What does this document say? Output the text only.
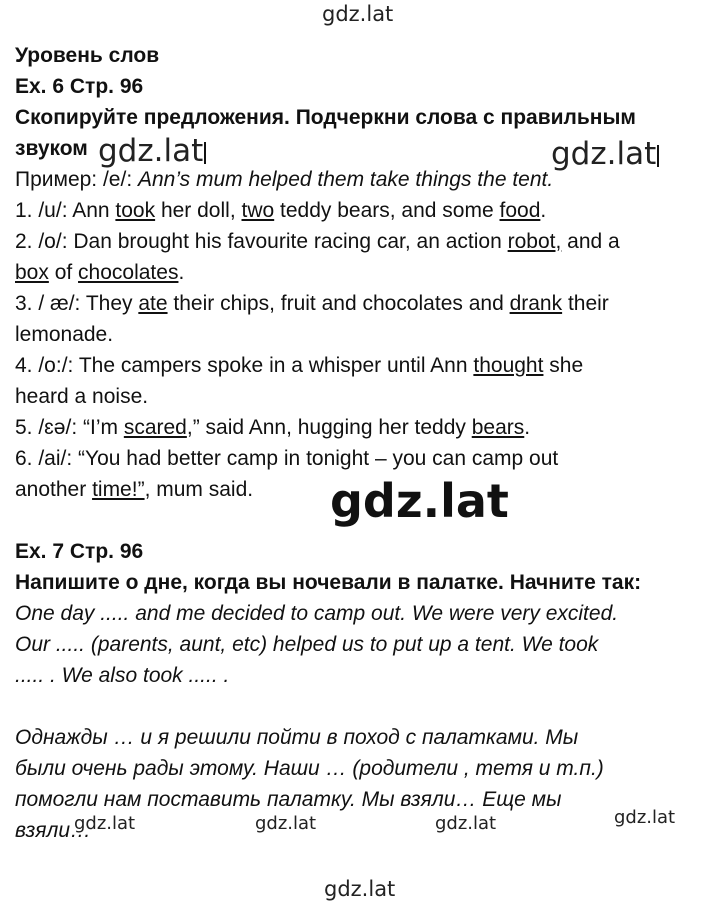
gdz.lat
gdz.lat	gdz.lat
gdz.lat
gdz.lat	gdz.lat	gdz.lat	gdz.lat
gdz.lat

Уровень слов

Ex. 6 Стр. 96

Скопируйте предложения. Подчеркни слова с правильным

звуком

Пример: /e/: Ann’s mum helped them take things the tent.

1. /u/: Ann took her doll, two teddy bears, and some food.

2. /o/: Dan brought his favourite racing car, an action robot, and a

box of chocolates.

3. / æ/: They ate their chips, fruit and chocolates and drank their

lemonade.

4. /o:/: The campers spoke in a whisper until Ann thought she

heard a noise.

5. /ɛə/: “I’m scared,” said Ann, hugging her teddy bears.

6. /ai/: “You had better camp in tonight – you can camp out

another time!”, mum said.

Ex. 7 Стр. 96

Напишите о дне, когда вы ночевали в палатке. Начните так:

One day ..... and me decided to camp out. We were very excited.

Our ..... (parents, aunt, etc) helped us to put up a tent. We took

..... . We also took ..... .

Однажды … и я решили пойти в поход с палатками. Мы

были очень рады этому. Наши … (родители , тетя и т.п.)

помогли нам поставить палатку. Мы взяли… Еще мы

взяли…
